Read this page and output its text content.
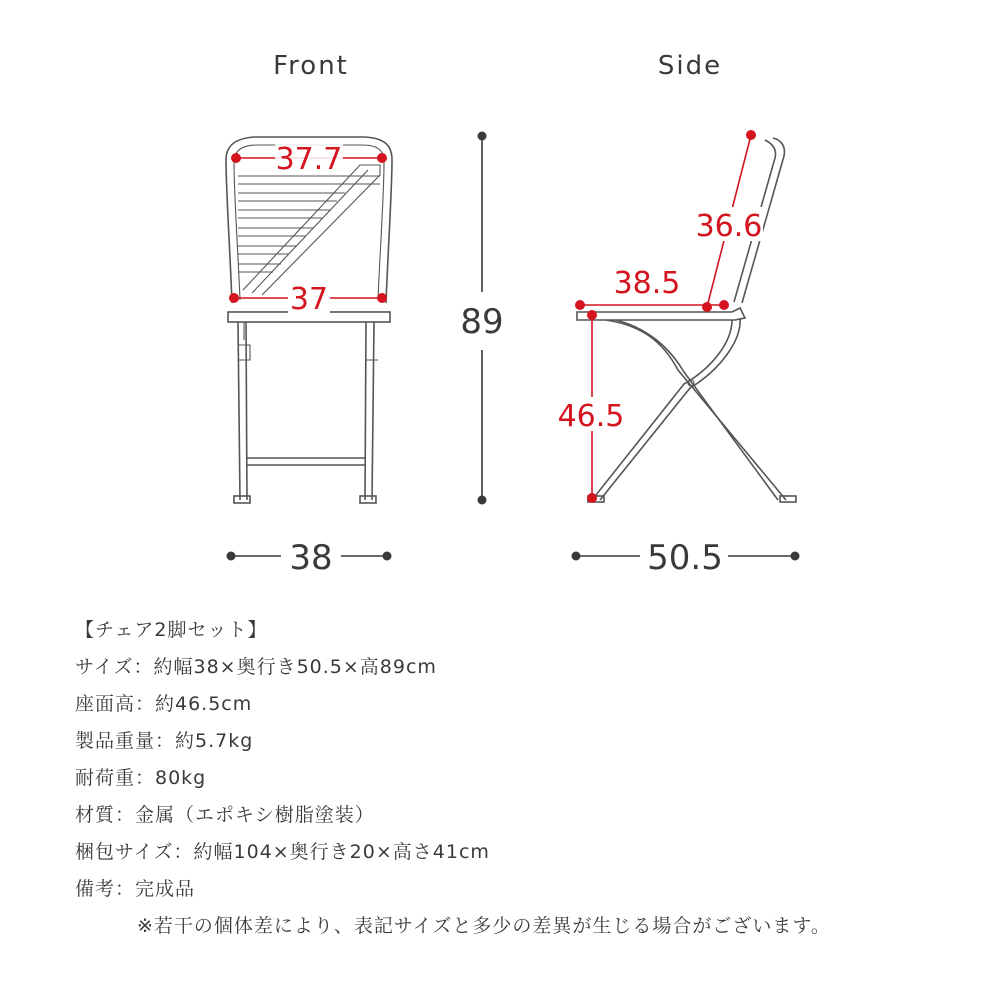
Front	Side
37.7
37
38
89
36.6
38.5
46.5
50.5
【チェア2脚セット】
サイズ：約幅38×奥行き50.5×高89cm
座面高：約46.5cm
製品重量：約5.7kg
耐荷重：80kg
材質：金属（エポキシ樹脂塗装）
梱包サイズ：約幅104×奥行き20×高さ41cm
備考：完成品
※若干の個体差により、表記サイズと多少の差異が生じる場合がございます。
